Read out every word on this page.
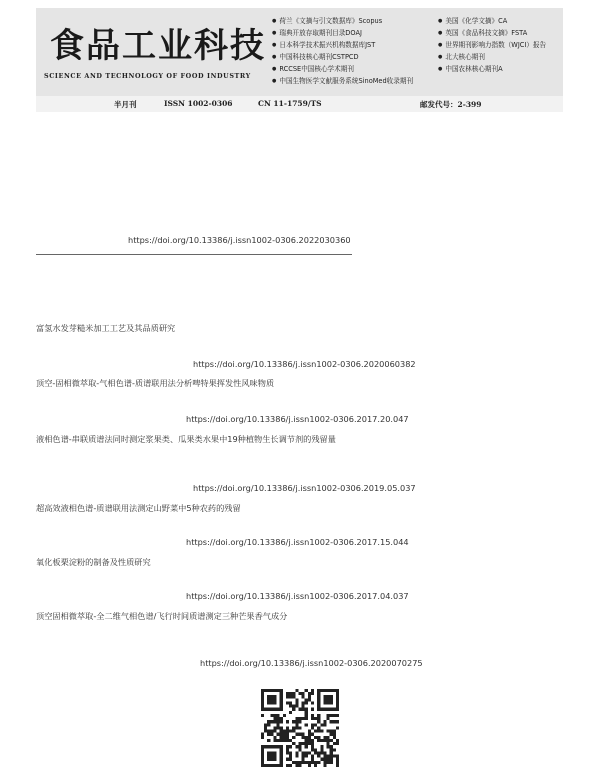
食品工业科技
SCIENCE AND TECHNOLOGY OF FOOD INDUSTRY
● 荷兰《文摘与引文数据库》Scopus
● 瑞典开放存取期刊目录DOAJ
● 日本科学技术振兴机构数据库JST
● 中国科技核心期刊CSTPCD
● RCCSE中国核心学术期刊
● 中国生物医学文献服务系统SinoMed收录期刊
● 美国《化学文摘》CA
● 英国《食品科技文摘》FSTA
● 世界期刊影响力指数（WJCI）报告
● 北大核心期刊
● 中国农林核心期刊A
半月刊	ISSN 1002-0306	CN 11-1759/TS	邮发代号：2-399
https://doi.org/10.13386/j.issn1002-0306.2022030360
富氢水发芽糙米加工工艺及其品质研究
https://doi.org/10.13386/j.issn1002-0306.2020060382
顶空-固相微萃取-气相色谱-质谱联用法分析啤特果挥发性风味物质
https://doi.org/10.13386/j.issn1002-0306.2017.20.047
液相色谱-串联质谱法同时测定浆果类、瓜果类水果中19种植物生长调节剂的残留量
https://doi.org/10.13386/j.issn1002-0306.2019.05.037
超高效液相色谱-质谱联用法测定山野菜中5种农药的残留
https://doi.org/10.13386/j.issn1002-0306.2017.15.044
氧化板栗淀粉的制备及性质研究
https://doi.org/10.13386/j.issn1002-0306.2017.04.037
顶空固相微萃取-全二维气相色谱/飞行时间质谱测定三种芒果香气成分
https://doi.org/10.13386/j.issn1002-0306.2020070275
